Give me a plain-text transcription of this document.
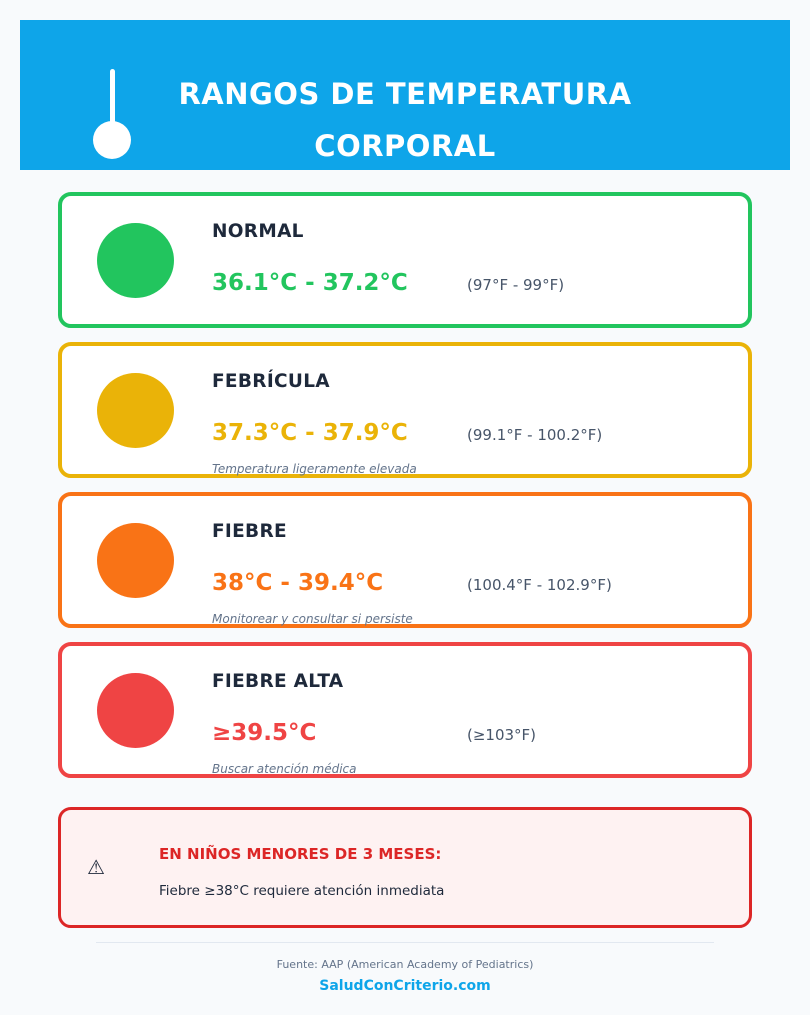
RANGOS DE TEMPERATURA
CORPORAL
NORMAL
36.1°C - 37.2°C	(97°F - 99°F)
FEBRÍCULA
37.3°C - 37.9°C	(99.1°F - 100.2°F)
Temperatura ligeramente elevada
FIEBRE
38°C - 39.4°C	(100.4°F - 102.9°F)
Monitorear y consultar si persiste
FIEBRE ALTA
≥39.5°C	(≥103°F)
Buscar atención médica
⚠
EN NIÑOS MENORES DE 3 MESES:
Fiebre ≥38°C requiere atención inmediata
Fuente: AAP (American Academy of Pediatrics)
SaludConCriterio.com
